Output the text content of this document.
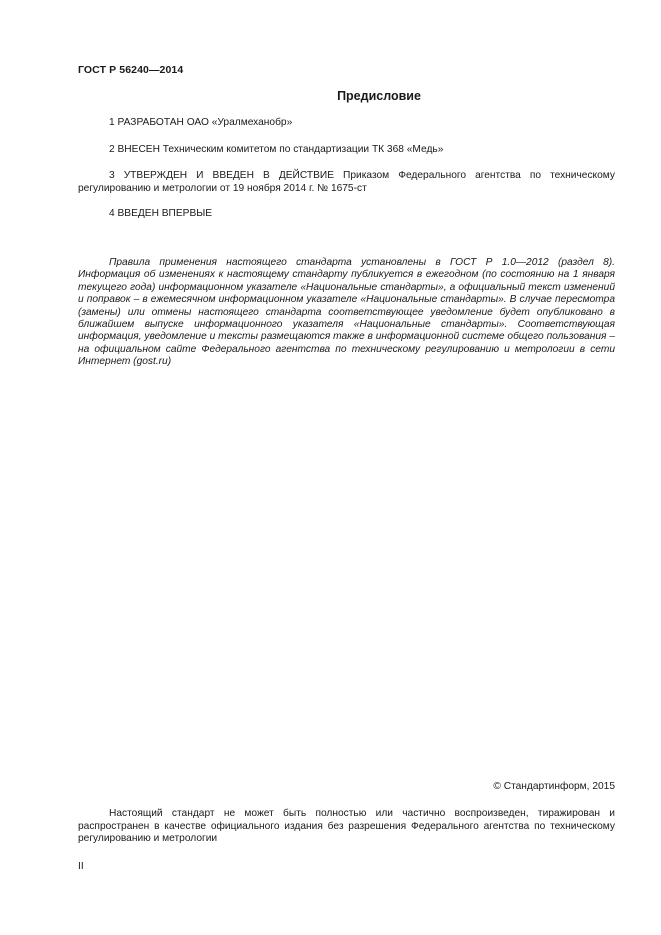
ГОСТ Р 56240—2014
Предисловие
1 РАЗРАБОТАН ОАО «Уралмеханобр»
2 ВНЕСЕН Техническим комитетом по стандартизации ТК 368 «Медь»
3 УТВЕРЖДЕН И ВВЕДЕН В ДЕЙСТВИЕ Приказом Федерального агентства по техническому регулированию и метрологии от 19 ноября 2014 г. № 1675-ст
4 ВВЕДЕН ВПЕРВЫЕ
Правила применения настоящего стандарта установлены в ГОСТ Р 1.0—2012 (раздел 8). Информация об изменениях к настоящему стандарту публикуется в ежегодном (по состоянию на 1 января текущего года) информационном указателе «Национальные стандарты», а официальный текст изменений и поправок – в ежемесячном информационном указателе «Национальные стандарты». В случае пересмотра (замены) или отмены настоящего стандарта соответствующее уведомление будет опубликовано в ближайшем выпуске информационного указателя «Национальные стандарты». Соответствующая информация, уведомление и тексты размещаются также в информационной системе общего пользования – на официальном сайте Федерального агентства по техническому регулированию и метрологии в сети Интернет (gost.ru)
© Стандартинформ, 2015
Настоящий стандарт не может быть полностью или частично воспроизведен, тиражирован и распространен в качестве официального издания без разрешения Федерального агентства по техническому регулированию и метрологии
II
